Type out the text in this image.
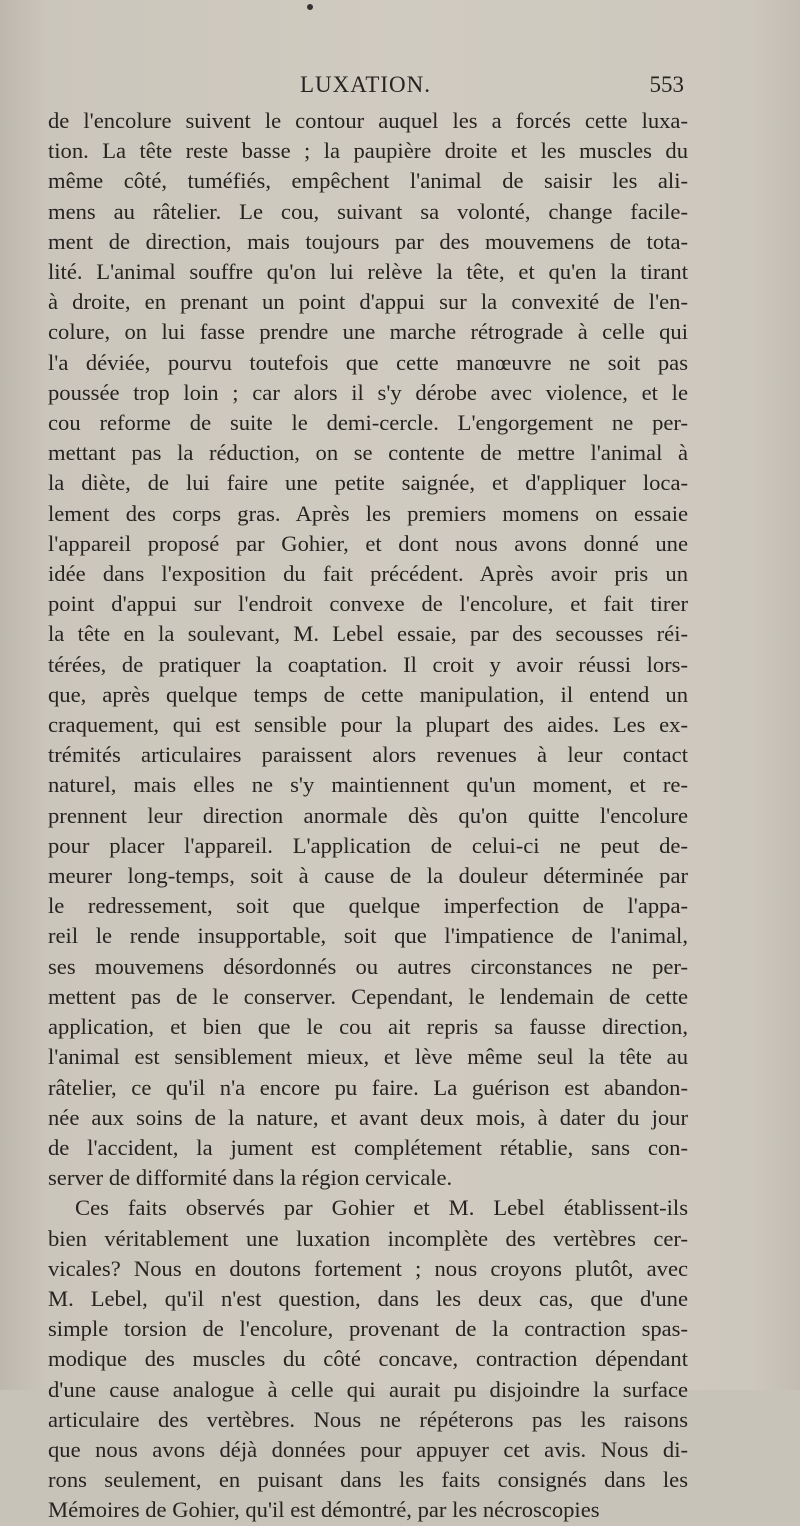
LUXATION.	553
de l'encolure suivent le contour auquel les a forcés cette luxa-
tion. La tête reste basse ; la paupière droite et les muscles du
même côté, tuméfiés, empêchent l'animal de saisir les ali-
mens au râtelier. Le cou, suivant sa volonté, change facile-
ment de direction, mais toujours par des mouvemens de tota-
lité. L'animal souffre qu'on lui relève la tête, et qu'en la tirant
à droite, en prenant un point d'appui sur la convexité de l'en-
colure, on lui fasse prendre une marche rétrograde à celle qui
l'a déviée, pourvu toutefois que cette manœuvre ne soit pas
poussée trop loin ; car alors il s'y dérobe avec violence, et le
cou reforme de suite le demi-cercle. L'engorgement ne per-
mettant pas la réduction, on se contente de mettre l'animal à
la diète, de lui faire une petite saignée, et d'appliquer loca-
lement des corps gras. Après les premiers momens on essaie
l'appareil proposé par Gohier, et dont nous avons donné une
idée dans l'exposition du fait précédent. Après avoir pris un
point d'appui sur l'endroit convexe de l'encolure, et fait tirer
la tête en la soulevant, M. Lebel essaie, par des secousses réi-
térées, de pratiquer la coaptation. Il croit y avoir réussi lors-
que, après quelque temps de cette manipulation, il entend un
craquement, qui est sensible pour la plupart des aides. Les ex-
trémités articulaires paraissent alors revenues à leur contact
naturel, mais elles ne s'y maintiennent qu'un moment, et re-
prennent leur direction anormale dès qu'on quitte l'encolure
pour placer l'appareil. L'application de celui-ci ne peut de-
meurer long-temps, soit à cause de la douleur déterminée par
le redressement, soit que quelque imperfection de l'appa-
reil le rende insupportable, soit que l'impatience de l'animal,
ses mouvemens désordonnés ou autres circonstances ne per-
mettent pas de le conserver. Cependant, le lendemain de cette
application, et bien que le cou ait repris sa fausse direction,
l'animal est sensiblement mieux, et lève même seul la tête au
râtelier, ce qu'il n'a encore pu faire. La guérison est abandon-
née aux soins de la nature, et avant deux mois, à dater du jour
de l'accident, la jument est complétement rétablie, sans con-
server de difformité dans la région cervicale.
Ces faits observés par Gohier et M. Lebel établissent-ils
bien véritablement une luxation incomplète des vertèbres cer-
vicales? Nous en doutons fortement ; nous croyons plutôt, avec
M. Lebel, qu'il n'est question, dans les deux cas, que d'une
simple torsion de l'encolure, provenant de la contraction spas-
modique des muscles du côté concave, contraction dépendant
d'une cause analogue à celle qui aurait pu disjoindre la surface
articulaire des vertèbres. Nous ne répéterons pas les raisons
que nous avons déjà données pour appuyer cet avis. Nous di-
rons seulement, en puisant dans les faits consignés dans les
Mémoires de Gohier, qu'il est démontré, par les nécroscopies
